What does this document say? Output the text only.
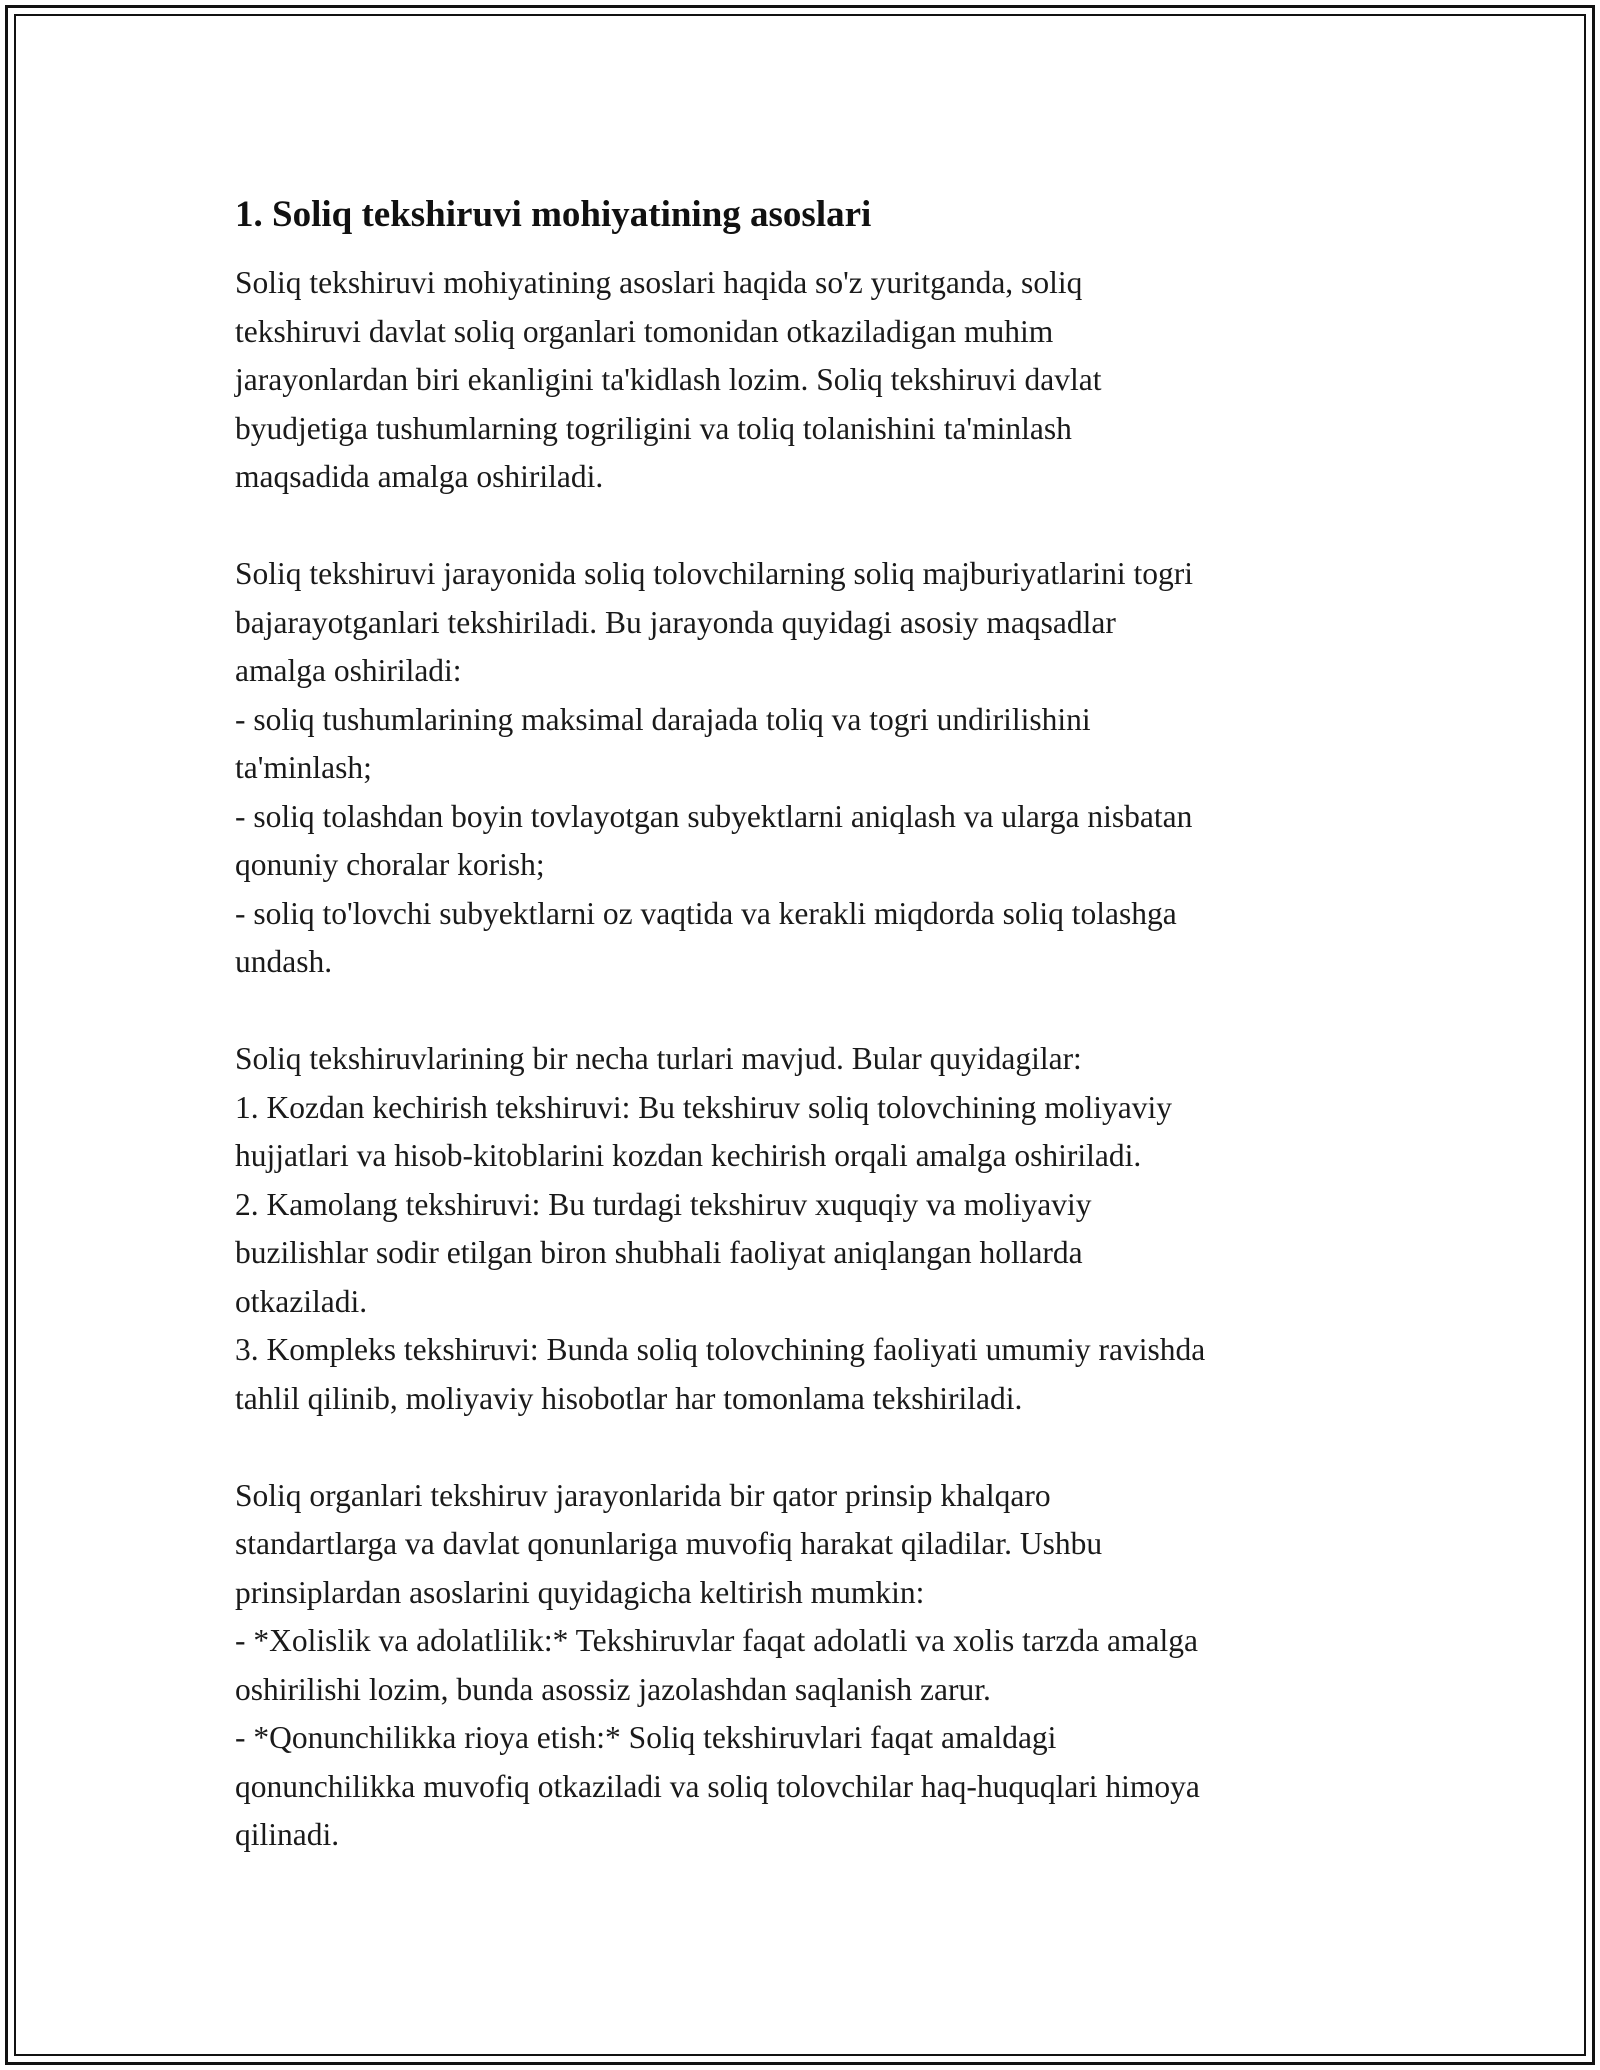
1. Soliq tekshiruvi mohiyatining asoslari

Soliq tekshiruvi mohiyatining asoslari haqida so'z yuritganda, soliq
tekshiruvi davlat soliq organlari tomonidan otkaziladigan muhim
jarayonlardan biri ekanligini ta'kidlash lozim. Soliq tekshiruvi davlat
byudjetiga tushumlarning togriligini va toliq tolanishini ta'minlash
maqsadida amalga oshiriladi.

Soliq tekshiruvi jarayonida soliq tolovchilarning soliq majburiyatlarini togri
bajarayotganlari tekshiriladi. Bu jarayonda quyidagi asosiy maqsadlar
amalga oshiriladi:
- soliq tushumlarining maksimal darajada toliq va togri undirilishini
ta'minlash;
- soliq tolashdan boyin tovlayotgan subyektlarni aniqlash va ularga nisbatan
qonuniy choralar korish;
- soliq to'lovchi subyektlarni oz vaqtida va kerakli miqdorda soliq tolashga
undash.

Soliq tekshiruvlarining bir necha turlari mavjud. Bular quyidagilar:
1. Kozdan kechirish tekshiruvi: Bu tekshiruv soliq tolovchining moliyaviy
hujjatlari va hisob-kitoblarini kozdan kechirish orqali amalga oshiriladi.
2. Kamolang tekshiruvi: Bu turdagi tekshiruv xuquqiy va moliyaviy
buzilishlar sodir etilgan biron shubhali faoliyat aniqlangan hollarda
otkaziladi.
3. Kompleks tekshiruvi: Bunda soliq tolovchining faoliyati umumiy ravishda
tahlil qilinib, moliyaviy hisobotlar har tomonlama tekshiriladi.

Soliq organlari tekshiruv jarayonlarida bir qator prinsip khalqaro
standartlarga va davlat qonunlariga muvofiq harakat qiladilar. Ushbu
prinsiplardan asoslarini quyidagicha keltirish mumkin:
- *Xolislik va adolatlilik:* Tekshiruvlar faqat adolatli va xolis tarzda amalga
oshirilishi lozim, bunda asossiz jazolashdan saqlanish zarur.
- *Qonunchilikka rioya etish:* Soliq tekshiruvlari faqat amaldagi
qonunchilikka muvofiq otkaziladi va soliq tolovchilar haq-huquqlari himoya
qilinadi.
